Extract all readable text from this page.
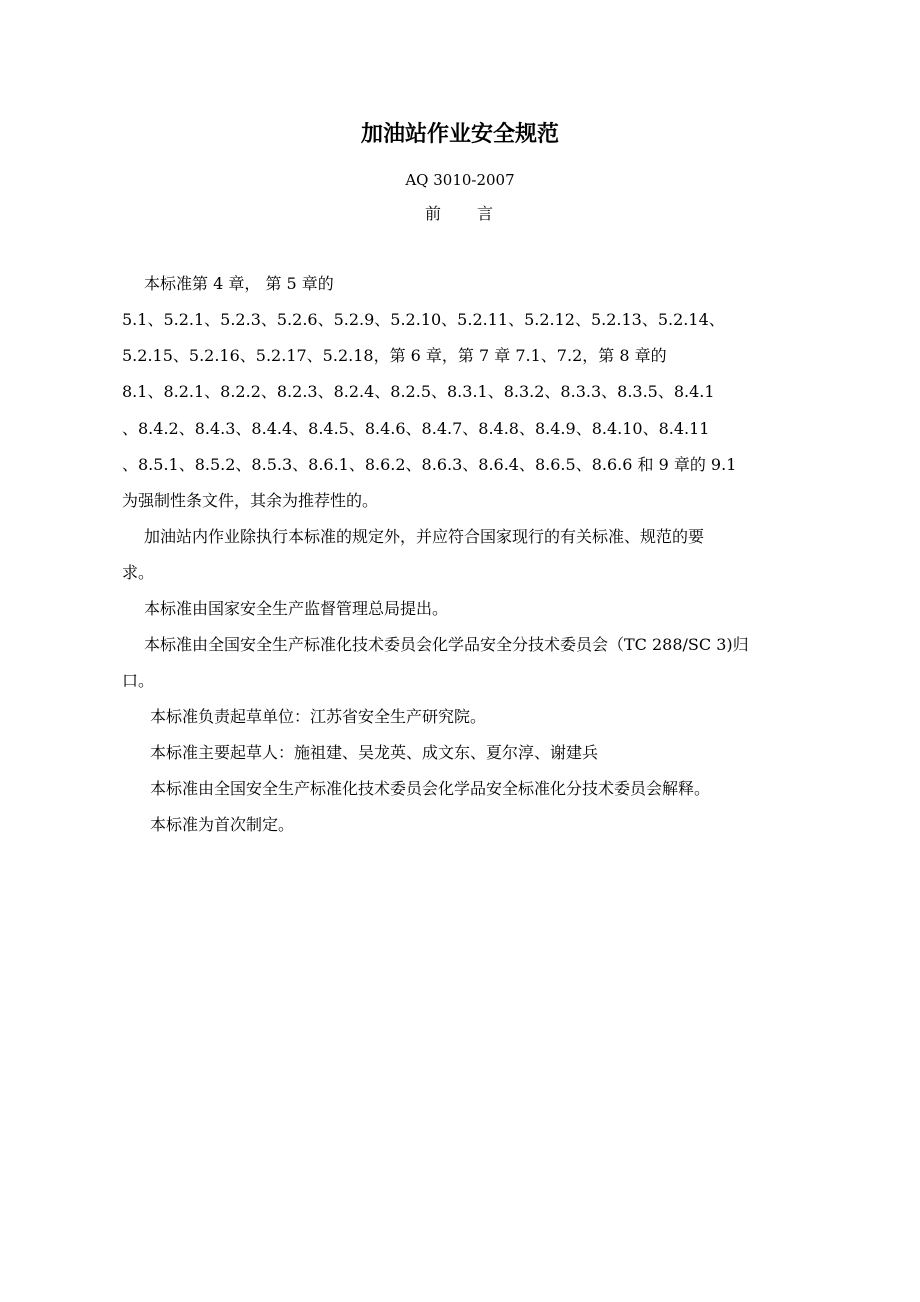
加油站作业安全规范

AQ 3010-2007

前 言

本标准第 4 章， 第 5 章的

5.1、5.2.1、5.2.3、5.2.6、5.2.9、5.2.10、5.2.11、5.2.12、5.2.13、5.2.14、

5.2.15、5.2.16、5.2.17、5.2.18，第 6 章，第 7 章 7.1、7.2，第 8 章的

8.1、8.2.1、8.2.2、8.2.3、8.2.4、8.2.5、8.3.1、8.3.2、8.3.3、8.3.5、8.4.1

、8.4.2、8.4.3、8.4.4、8.4.5、8.4.6、8.4.7、8.4.8、8.4.9、8.4.10、8.4.11

、8.5.1、8.5.2、8.5.3、8.6.1、8.6.2、8.6.3、8.6.4、8.6.5、8.6.6 和 9 章的 9.1

为强制性条文件，其余为推荐性的。

加油站内作业除执行本标准的规定外，并应符合国家现行的有关标准、规范的要

求。

本标准由国家安全生产监督管理总局提出。

本标准由全国安全生产标准化技术委员会化学品安全分技术委员会（TC 288/SC 3)归

口。

本标准负责起草单位：江苏省安全生产研究院。

本标准主要起草人：施祖建、吴龙英、成文东、夏尔淳、谢建兵

本标准由全国安全生产标准化技术委员会化学品安全标准化分技术委员会解释。

本标准为首次制定。
